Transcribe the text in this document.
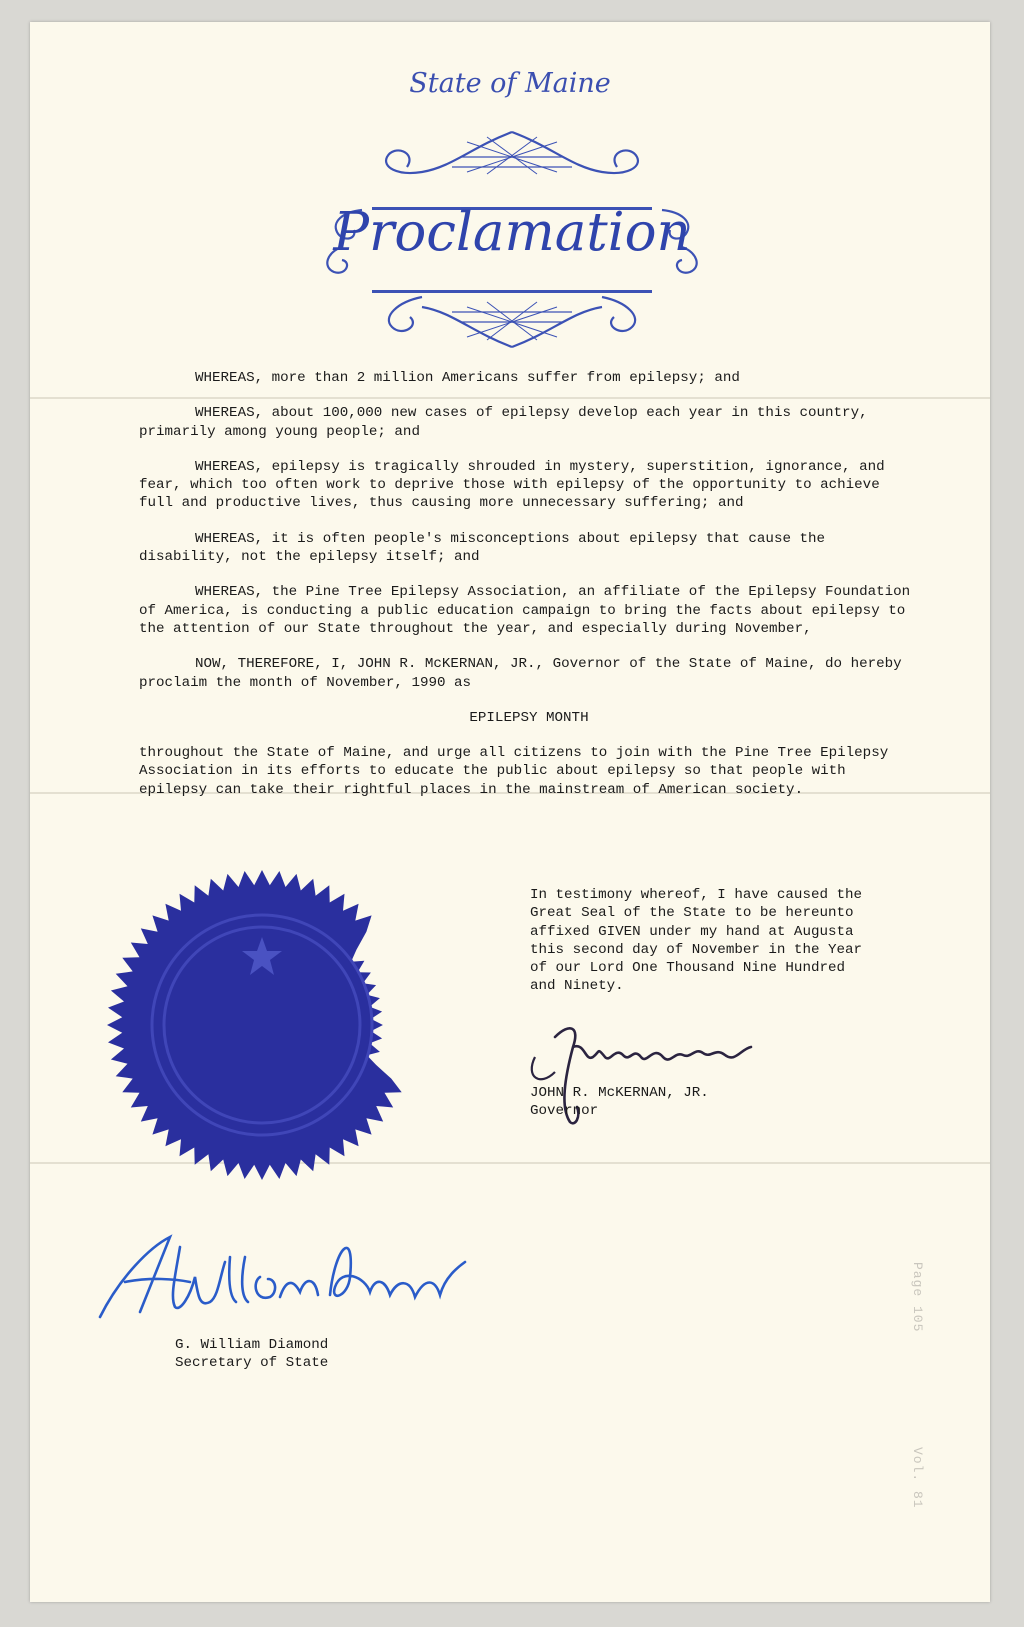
State of Maine
Proclamation

WHEREAS, more than 2 million Americans suffer from epilepsy; and

WHEREAS, about 100,000 new cases of epilepsy develop each year in this country, primarily among young people; and

WHEREAS, epilepsy is tragically shrouded in mystery, superstition, ignorance, and fear, which too often work to deprive those with epilepsy of the opportunity to achieve full and productive lives, thus causing more unnecessary suffering; and

WHEREAS, it is often people's misconceptions about epilepsy that cause the disability, not the epilepsy itself; and

WHEREAS, the Pine Tree Epilepsy Association, an affiliate of the Epilepsy Foundation of America, is conducting a public education campaign to bring the facts about epilepsy to the attention of our State throughout the year, and especially during November,

NOW, THEREFORE, I, JOHN R. McKERNAN, JR., Governor of the State of Maine, do hereby proclaim the month of November, 1990 as

EPILEPSY MONTH

throughout the State of Maine, and urge all citizens to join with the Pine Tree Epilepsy Association in its efforts to educate the public about epilepsy so that people with epilepsy can take their rightful places in the mainstream of American society.

In testimony whereof, I have caused the Great Seal of the State to be hereunto affixed GIVEN under my hand at Augusta this second day of November in the Year of our Lord One Thousand Nine Hundred and Ninety.
JOHN R. McKERNAN, JR.
Governor
G. William Diamond
Secretary of State
Page 105
Vol. 81
